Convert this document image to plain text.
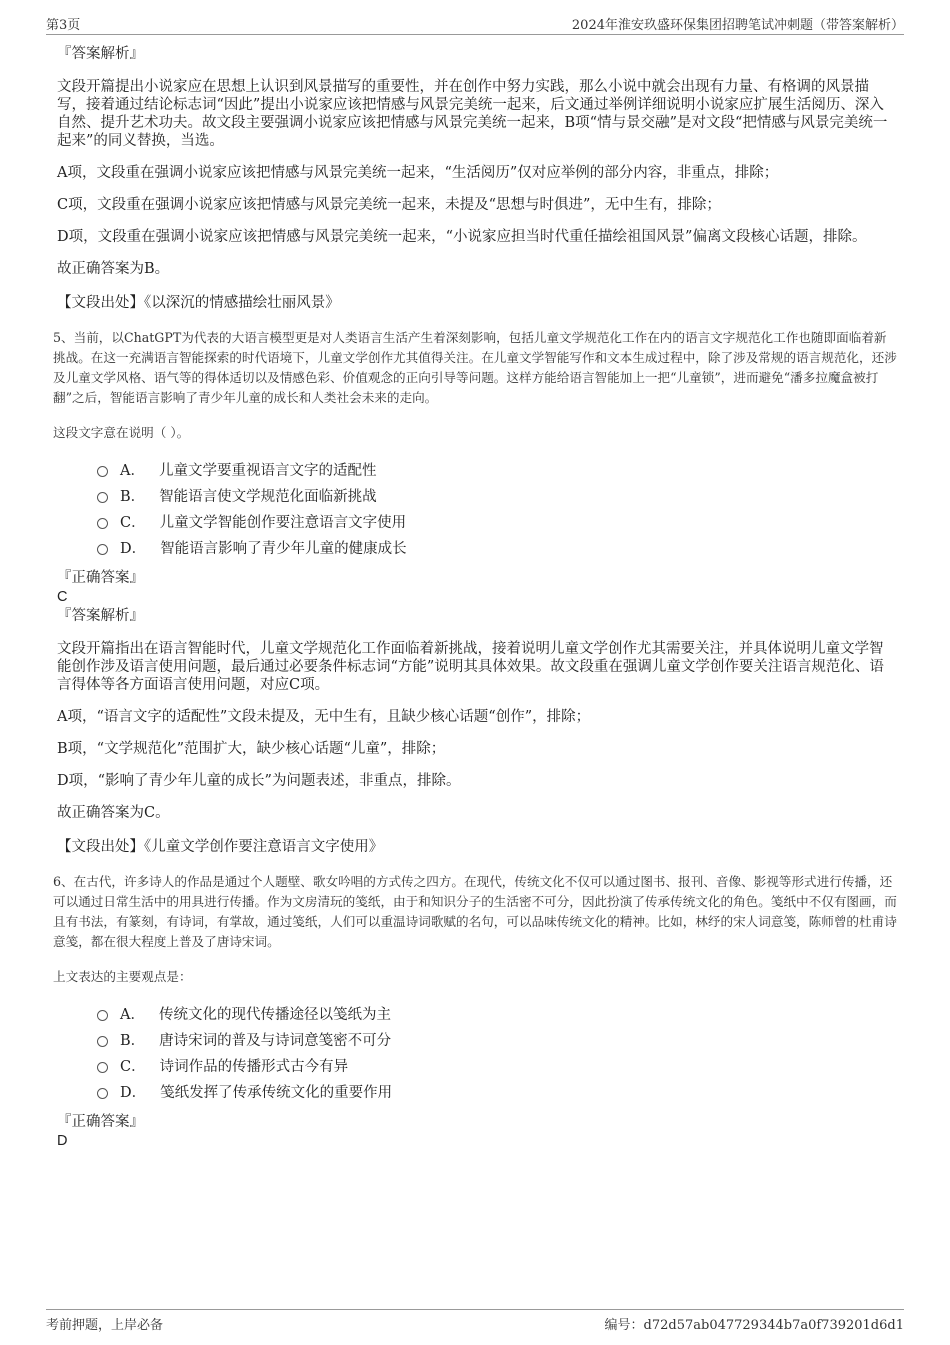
第3页	2024年淮安玖盛环保集团招聘笔试冲刺题（带答案解析）
『答案解析』

文段开篇提出小说家应在思想上认识到风景描写的重要性，并在创作中努力实践，那么小说中就会出现有力量、有格调的风景描写，接着通过结论标志词“因此”提出小说家应该把情感与风景完美统一起来，后文通过举例详细说明小说家应扩展生活阅历、深入自然、提升艺术功夫。故文段主要强调小说家应该把情感与风景完美统一起来，B项“情与景交融”是对文段“把情感与风景完美统一起来”的同义替换，当选。

A项，文段重在强调小说家应该把情感与风景完美统一起来，“生活阅历”仅对应举例的部分内容，非重点，排除；

C项，文段重在强调小说家应该把情感与风景完美统一起来，未提及“思想与时俱进”，无中生有，排除；

D项，文段重在强调小说家应该把情感与风景完美统一起来，“小说家应担当时代重任描绘祖国风景”偏离文段核心话题，排除。

故正确答案为B。

【文段出处】《以深沉的情感描绘壮丽风景》

5、当前，以ChatGPT为代表的大语言模型更是对人类语言生活产生着深刻影响，包括儿童文学规范化工作在内的语言文字规范化工作也随即面临着新挑战。在这一充满语言智能探索的时代语境下，儿童文学创作尤其值得关注。在儿童文学智能写作和文本生成过程中，除了涉及常规的语言规范化，还涉及儿童文学风格、语气等的得体适切以及情感色彩、价值观念的正向引导等问题。这样方能给语言智能加上一把“儿童锁”，进而避免“潘多拉魔盒被打翻”之后，智能语言影响了青少年儿童的成长和人类社会未来的走向。

这段文字意在说明（ ）。

A． 儿童文学要重视语言文字的适配性
B． 智能语言使文学规范化面临新挑战
C． 儿童文学智能创作要注意语言文字使用
D． 智能语言影响了青少年儿童的健康成长
『正确答案』
C
『答案解析』

文段开篇指出在语言智能时代，儿童文学规范化工作面临着新挑战，接着说明儿童文学创作尤其需要关注，并具体说明儿童文学智能创作涉及语言使用问题，最后通过必要条件标志词“方能”说明其具体效果。故文段重在强调儿童文学创作要关注语言规范化、语言得体等各方面语言使用问题，对应C项。

A项，“语言文字的适配性”文段未提及，无中生有，且缺少核心话题“创作”，排除；

B项，“文学规范化”范围扩大，缺少核心话题“儿童”，排除；

D项，“影响了青少年儿童的成长”为问题表述，非重点，排除。

故正确答案为C。

【文段出处】《儿童文学创作要注意语言文字使用》

6、在古代，许多诗人的作品是通过个人题壁、歌女吟唱的方式传之四方。在现代，传统文化不仅可以通过图书、报刊、音像、影视等形式进行传播，还可以通过日常生活中的用具进行传播。作为文房清玩的笺纸，由于和知识分子的生活密不可分，因此扮演了传承传统文化的角色。笺纸中不仅有图画，而且有书法，有篆刻，有诗词，有掌故，通过笺纸，人们可以重温诗词歌赋的名句，可以品味传统文化的精神。比如，林纾的宋人词意笺，陈师曾的杜甫诗意笺，都在很大程度上普及了唐诗宋词。

上文表达的主要观点是：

A． 传统文化的现代传播途径以笺纸为主
B． 唐诗宋词的普及与诗词意笺密不可分
C． 诗词作品的传播形式古今有异
D． 笺纸发挥了传承传统文化的重要作用
『正确答案』
D
考前押题，上岸必备	编号：d72d57ab047729344b7a0f739201d6d1
